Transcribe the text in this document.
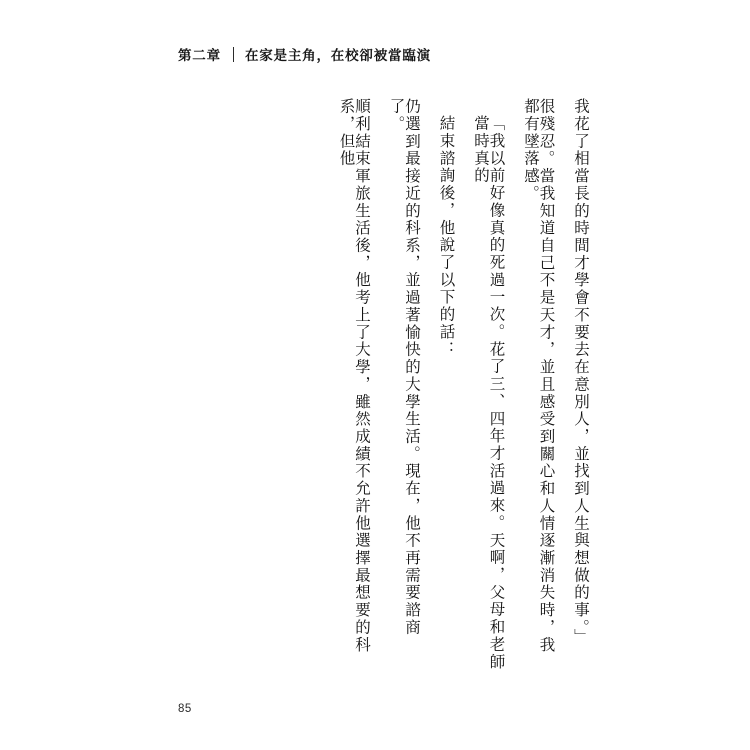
第二章 在家是主角，在校卻被當臨演
順利結束軍旅生活後，他考上了大學，雖然成績不允許他選擇最想要的科系，但他	仍選到最接近的科系，並過著愉快的大學生活。現在，他不再需要諮商了。	結束諮詢後，他說了以下的話：	「我以前好像真的死過一次。花了三、四年才活過來。天啊，父母和老師當時真的	很殘忍。當我知道自己不是天才，並且感受到關心和人情逐漸消失時，我都有墜落感。	我花了相當長的時間才學會不要去在意別人，並找到人生與想做的事。」
85
